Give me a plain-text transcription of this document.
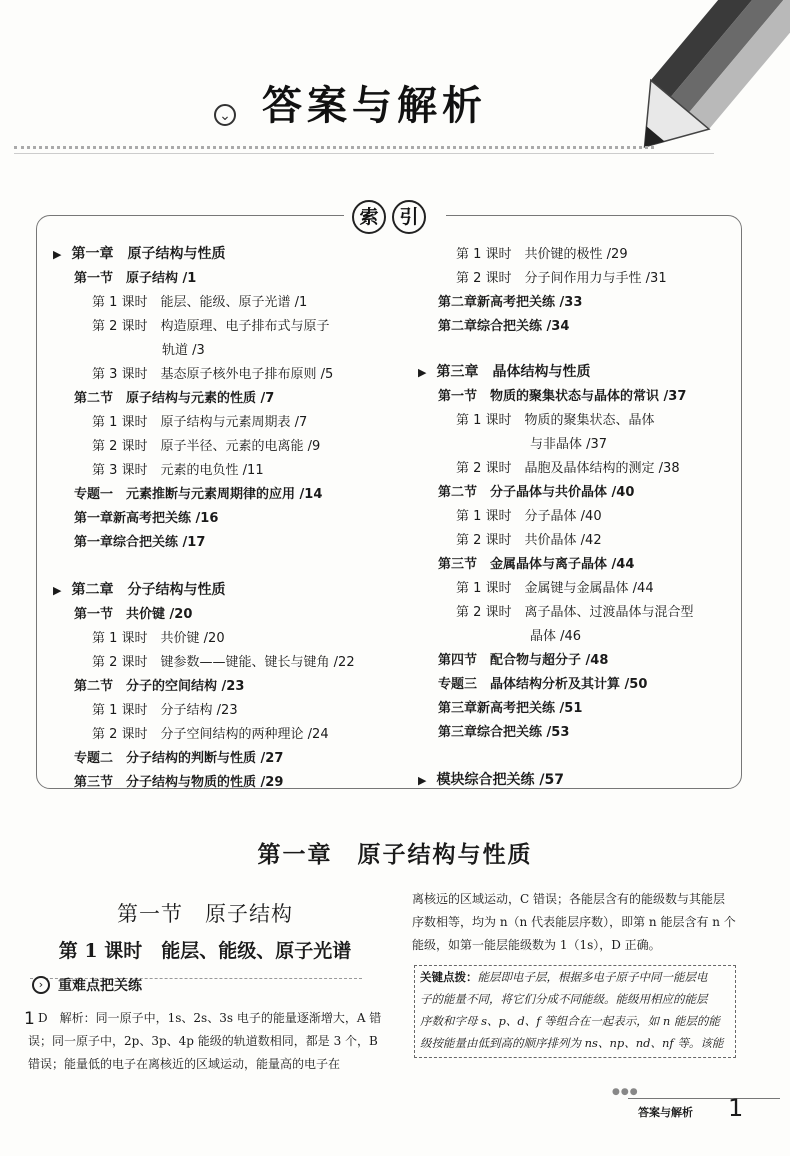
⌄ 答案与解析
索	引
▶ 第一章　原子结构与性质
第一节　原子结构 /1
第 1 课时　能层、能级、原子光谱 /1
第 2 课时　构造原理、电子排布式与原子
轨道 /3
第 3 课时　基态原子核外电子排布原则 /5
第二节　原子结构与元素的性质 /7
第 1 课时　原子结构与元素周期表 /7
第 2 课时　原子半径、元素的电离能 /9
第 3 课时　元素的电负性 /11
专题一　元素推断与元素周期律的应用 /14
第一章新高考把关练 /16
第一章综合把关练 /17
▶ 第二章　分子结构与性质
第一节　共价键 /20
第 1 课时　共价键 /20
第 2 课时　键参数——键能、键长与键角 /22
第二节　分子的空间结构 /23
第 1 课时　分子结构 /23
第 2 课时　分子空间结构的两种理论 /24
专题二　分子结构的判断与性质 /27
第三节　分子结构与物质的性质 /29
第 1 课时　共价键的极性 /29
第 2 课时　分子间作用力与手性 /31
第二章新高考把关练 /33
第二章综合把关练 /34
▶ 第三章　晶体结构与性质
第一节　物质的聚集状态与晶体的常识 /37
第 1 课时　物质的聚集状态、晶体
与非晶体 /37
第 2 课时　晶胞及晶体结构的测定 /38
第二节　分子晶体与共价晶体 /40
第 1 课时　分子晶体 /40
第 2 课时　共价晶体 /42
第三节　金属晶体与离子晶体 /44
第 1 课时　金属键与金属晶体 /44
第 2 课时　离子晶体、过渡晶体与混合型
晶体 /46
第四节　配合物与超分子 /48
专题三　晶体结构分析及其计算 /50
第三章新高考把关练 /51
第三章综合把关练 /53
▶ 模块综合把关练 /57
第一章　原子结构与性质
第一节　原子结构
第 1 课时　能层、能级、原子光谱
›	重难点把关练
1 D　解析：同一原子中，1s、2s、3s 电子的能量逐渐增大，A 错
误；同一原子中，2p、3p、4p 能级的轨道数相同，都是 3 个，B
错误；能量低的电子在离核近的区域运动，能量高的电子在
离核远的区域运动，C 错误；各能层含有的能级数与其能层
序数相等，均为 n（n 代表能层序数），即第 n 能层含有 n 个
能级，如第一能层能级数为 1（1s），D 正确。
关键点拨：能层即电子层，根据多电子原子中同一能层电
子的能量不同，将它们分成不同能级。能级用相应的能层
序数和字母 s、p、d、f 等组合在一起表示，如 n 能层的能
级按能量由低到高的顺序排列为 ns、np、nd、nf 等。该能
●●●
答案与解析 1
